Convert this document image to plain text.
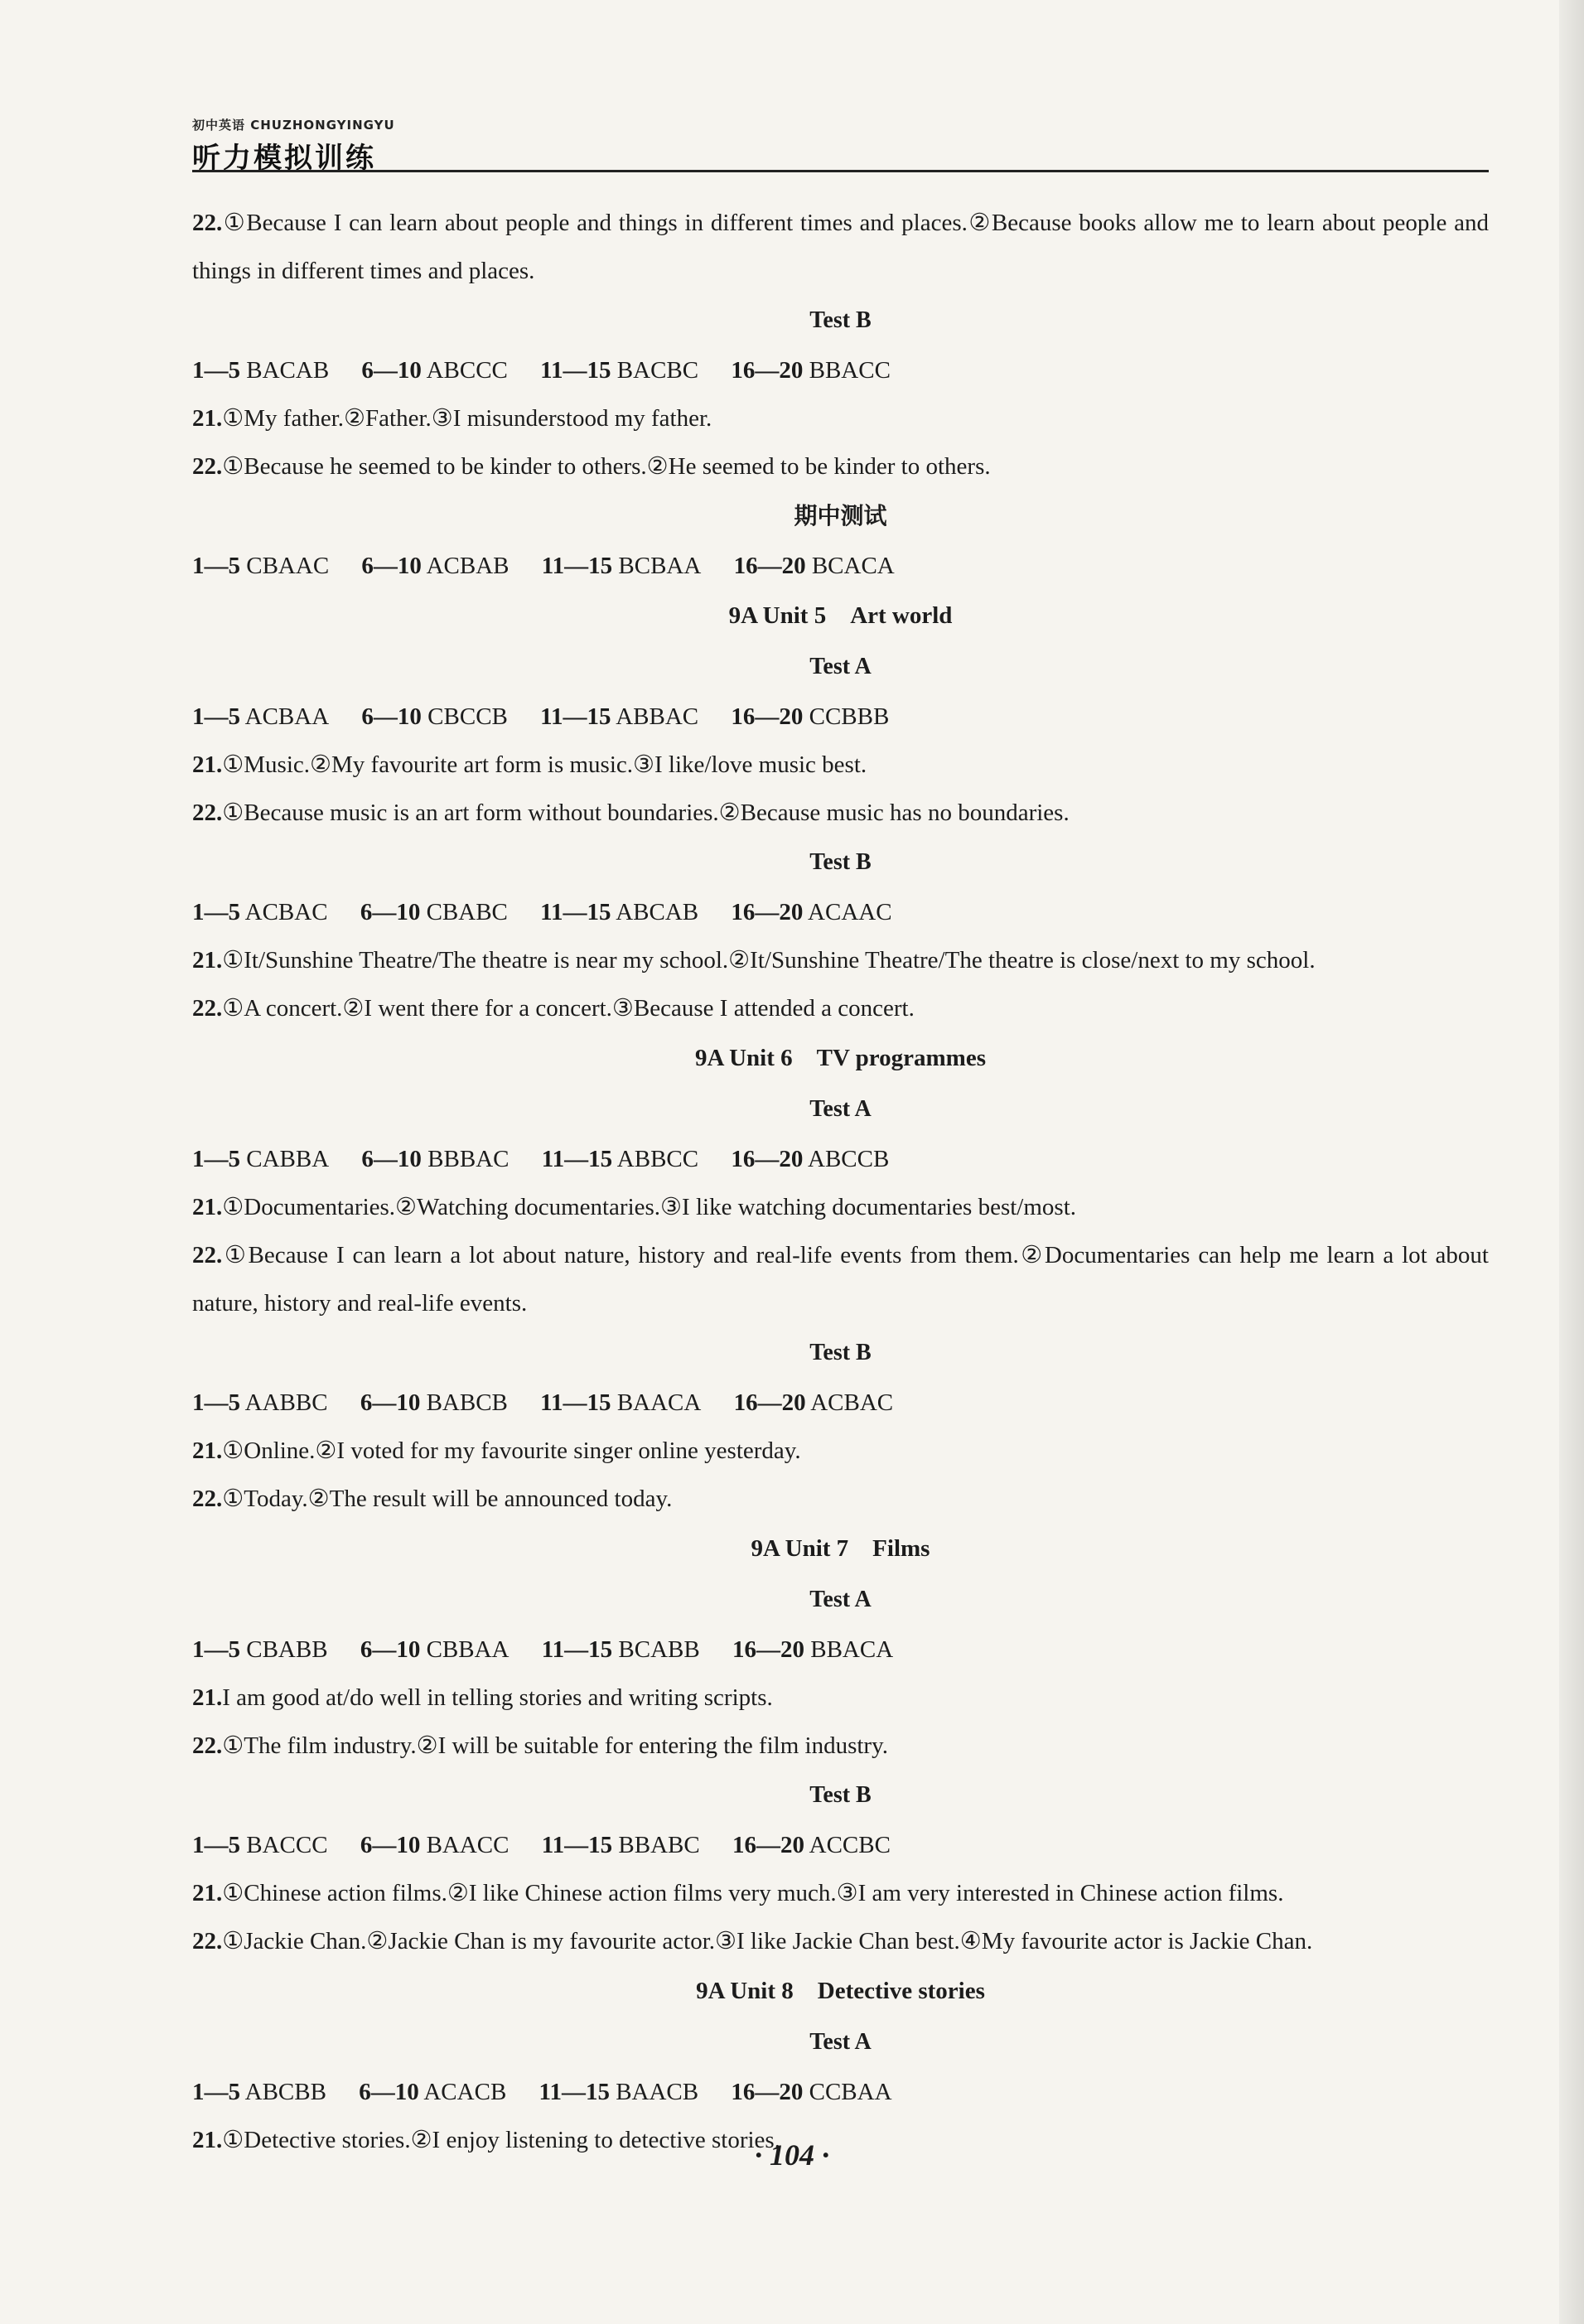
初中英语 CHUZHONGYINGYU
听力模拟训练
22.①Because I can learn about people and things in different times and places.②Because books allow me to learn about people and things in different times and places.
Test B
1—5 BACAB 6—10 ABCCC 11—15 BACBC 16—20 BBACC
21.①My father.②Father.③I misunderstood my father.
22.①Because he seemed to be kinder to others.②He seemed to be kinder to others.
期中测试
1—5 CBAAC 6—10 ACBAB 11—15 BCBAA 16—20 BCACA
9A Unit 5　Art world
Test A
1—5 ACBAA 6—10 CBCCB 11—15 ABBAC 16—20 CCBBB
21.①Music.②My favourite art form is music.③I like/love music best.
22.①Because music is an art form without boundaries.②Because music has no boundaries.
Test B
1—5 ACBAC 6—10 CBABC 11—15 ABCAB 16—20 ACAAC
21.①It/Sunshine Theatre/The theatre is near my school.②It/Sunshine Theatre/The theatre is close/next to my school.
22.①A concert.②I went there for a concert.③Because I attended a concert.
9A Unit 6　TV programmes
Test A
1—5 CABBA 6—10 BBBAC 11—15 ABBCC 16—20 ABCCB
21.①Documentaries.②Watching documentaries.③I like watching documentaries best/most.
22.①Because I can learn a lot about nature, history and real-life events from them.②Documentaries can help me learn a lot about nature, history and real-life events.
Test B
1—5 AABBC 6—10 BABCB 11—15 BAACA 16—20 ACBAC
21.①Online.②I voted for my favourite singer online yesterday.
22.①Today.②The result will be announced today.
9A Unit 7　Films
Test A
1—5 CBABB 6—10 CBBAA 11—15 BCABB 16—20 BBACA
21.I am good at/do well in telling stories and writing scripts.
22.①The film industry.②I will be suitable for entering the film industry.
Test B
1—5 BACCC 6—10 BAACC 11—15 BBABC 16—20 ACCBC
21.①Chinese action films.②I like Chinese action films very much.③I am very interested in Chinese action films.
22.①Jackie Chan.②Jackie Chan is my favourite actor.③I like Jackie Chan best.④My favourite actor is Jackie Chan.
9A Unit 8　Detective stories
Test A
1—5 ABCBB 6—10 ACACB 11—15 BAACB 16—20 CCBAA
21.①Detective stories.②I enjoy listening to detective stories.
· 104 ·
